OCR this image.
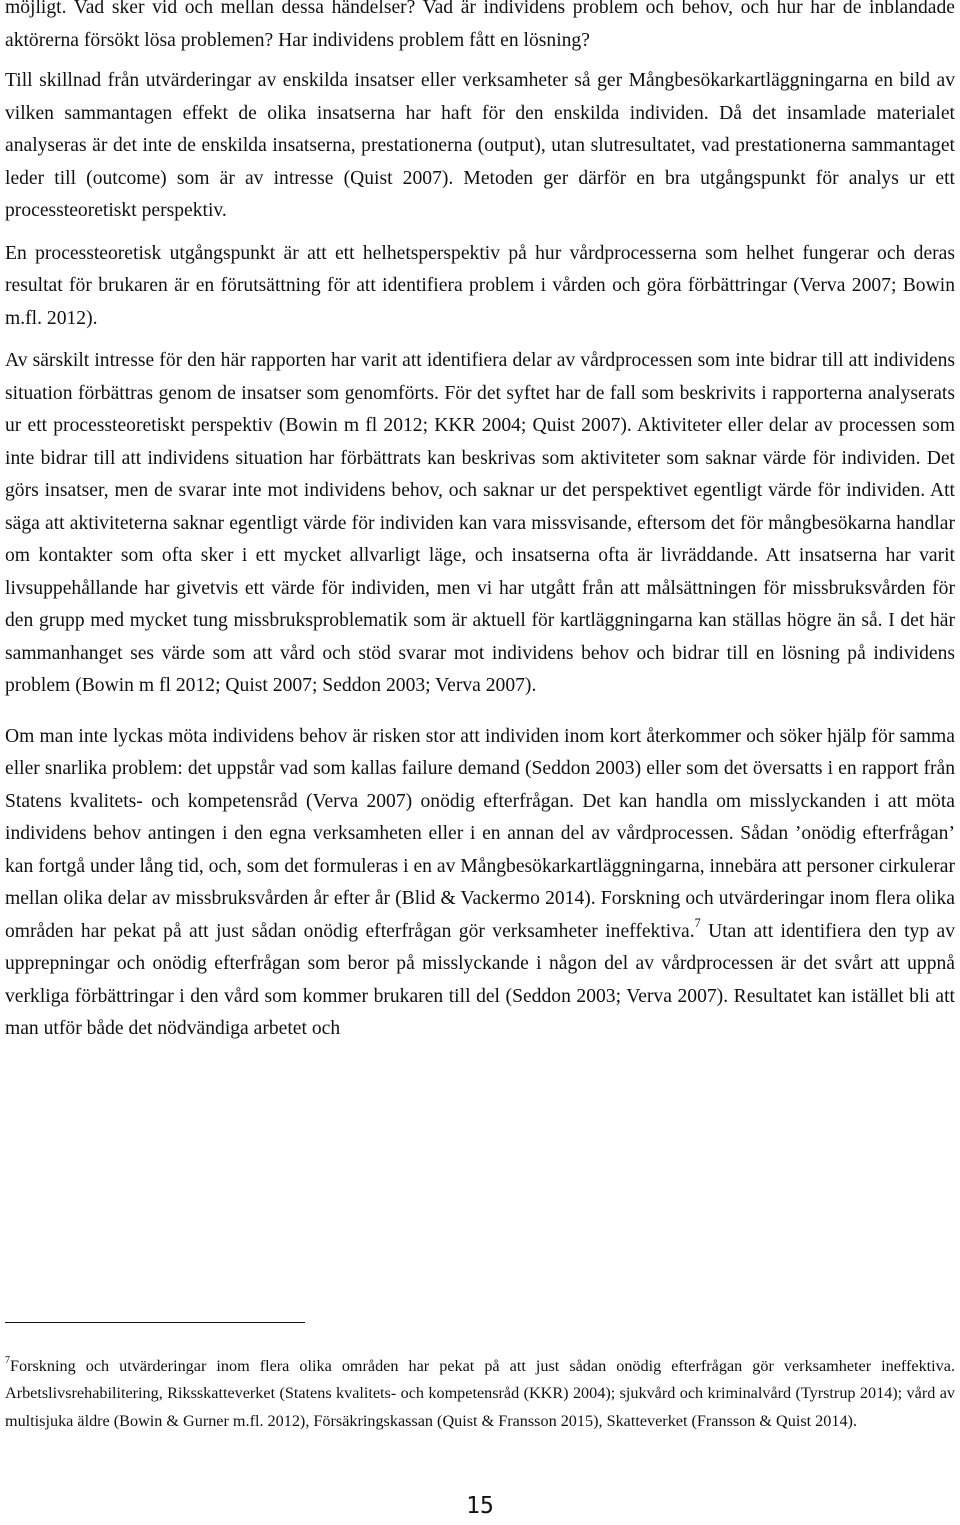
möjligt. Vad sker vid och mellan dessa händelser? Vad är individens problem och behov, och hur har de inblandade aktörerna försökt lösa problemen? Har individens problem fått en lösning?

Till skillnad från utvärderingar av enskilda insatser eller verksamheter så ger Mångbesökarkartläggningarna en bild av vilken sammantagen effekt de olika insatserna har haft för den enskilda individen. Då det insamlade materialet analyseras är det inte de enskilda insatserna, prestationerna (output), utan slutresultatet, vad prestationerna sammantaget leder till (outcome) som är av intresse (Quist 2007). Metoden ger därför en bra utgångspunkt för analys ur ett processteoretiskt perspektiv.

En processteoretisk utgångspunkt är att ett helhetsperspektiv på hur vårdprocesserna som helhet fungerar och deras resultat för brukaren är en förutsättning för att identifiera problem i vården och göra förbättringar (Verva 2007; Bowin m.fl. 2012).

Av särskilt intresse för den här rapporten har varit att identifiera delar av vårdprocessen som inte bidrar till att individens situation förbättras genom de insatser som genomförts. För det syftet har de fall som beskrivits i rapporterna analyserats ur ett processteoretiskt perspektiv (Bowin m fl 2012; KKR 2004; Quist 2007). Aktiviteter eller delar av processen som inte bidrar till att individens situation har förbättrats kan beskrivas som aktiviteter som saknar värde för individen. Det görs insatser, men de svarar inte mot individens behov, och saknar ur det perspektivet egentligt värde för individen. Att säga att aktiviteterna saknar egentligt värde för individen kan vara missvisande, eftersom det för mångbesökarna handlar om kontakter som ofta sker i ett mycket allvarligt läge, och insatserna ofta är livräddande. Att insatserna har varit livsuppehållande har givetvis ett värde för individen, men vi har utgått från att målsättningen för missbruksvården för den grupp med mycket tung missbruksproblematik som är aktuell för kartläggningarna kan ställas högre än så. I det här sammanhanget ses värde som att vård och stöd svarar mot individens behov och bidrar till en lösning på individens problem (Bowin m fl 2012; Quist 2007; Seddon 2003; Verva 2007).

Om man inte lyckas möta individens behov är risken stor att individen inom kort återkommer och söker hjälp för samma eller snarlika problem: det uppstår vad som kallas failure demand (Seddon 2003) eller som det översatts i en rapport från Statens kvalitets- och kompetensråd (Verva 2007) onödig efterfrågan. Det kan handla om misslyckanden i att möta individens behov antingen i den egna verksamheten eller i en annan del av vårdprocessen. Sådan ’onödig efterfrågan’ kan fortgå under lång tid, och, som det formuleras i en av Mångbesökarkartläggningarna, innebära att personer cirkulerar mellan olika delar av missbruksvården år efter år (Blid & Vackermo 2014). Forskning och utvärderingar inom flera olika områden har pekat på att just sådan onödig efterfrågan gör verksamheter ineffektiva.$^7$ Utan att identifiera den typ av upprepningar och onödig efterfrågan som beror på misslyckande i någon del av vårdprocessen är det svårt att uppnå verkliga förbättringar i den vård som kommer brukaren till del (Seddon 2003; Verva 2007). Resultatet kan istället bli att man utför både det nödvändiga arbetet och

$^7$Forskning och utvärderingar inom flera olika områden har pekat på att just sådan onödig efterfrågan gör verksamheter ineffektiva. Arbetslivsrehabilitering, Riksskatteverket (Statens kvalitets- och kompetensråd (KKR) 2004); sjukvård och kriminalvård (Tyrstrup 2014); vård av multisjuka äldre (Bowin & Gurner m.fl. 2012), Försäkringskassan (Quist & Fransson 2015), Skatteverket (Fransson & Quist 2014).

15
